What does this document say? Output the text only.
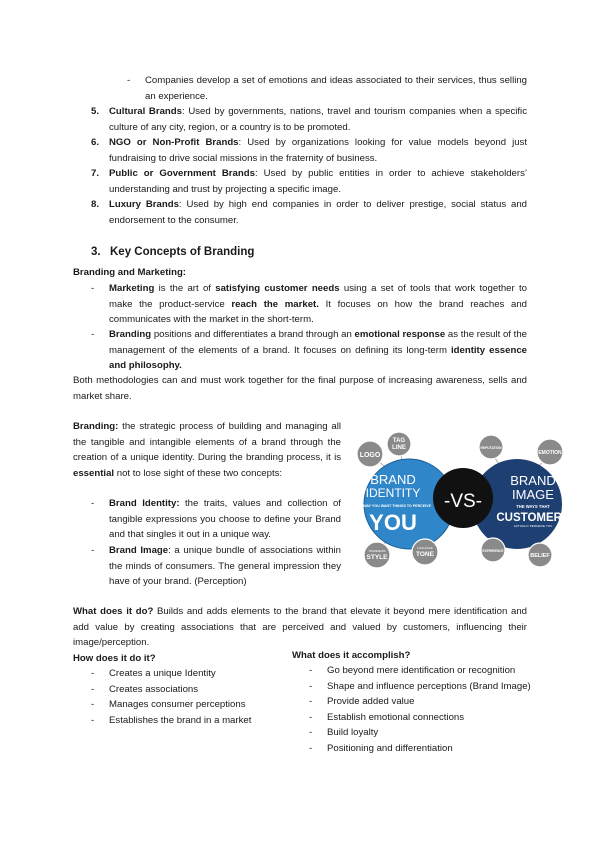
- Companies develop a set of emotions and ideas associated to their services, thus selling an experience.

5. Cultural Brands: Used by governments, nations, travel and tourism companies when a specific culture of any city, region, or a country is to be promoted.
6. NGO or Non-Profit Brands: Used by organizations looking for value models beyond just fundraising to drive social missions in the fraternity of business.
7. Public or Government Brands: Used by public entities in order to achieve stakeholders’ understanding and trust by projecting a specific image.
8. Luxury Brands: Used by high end companies in order to deliver prestige, social status and endorsement to the consumer.
3. Key Concepts of Branding

Branding and Marketing:

- Marketing is the art of satisfying customer needs using a set of tools that work together to make the product-service reach the market. It focuses on how the brand reaches and communicates with the market in the short-term.

- Branding positions and differentiates a brand through an emotional response as the result of the management of the elements of a brand. It focuses on defining its long-term identity essence and philosophy.

Both methodologies can and must work together for the final purpose of increasing awareness, sells and market share.

Branding: the strategic process of building and managing all the tangible and intangible elements of a brand through the creation of a unique identity. During the branding process, it is essential not to lose sight of these two concepts:

- Brand Identity: the traits, values and collection of tangible expressions you choose to define your Brand and that singles it out in a unique way.

- Brand Image: a unique bundle of associations within the minds of consumers. The general impression they have of your brand. (Perception)

-VS-
BRAND
IDENTITY
THE WAY YOU WANT THINGS TO PERCEIVE
YOU
BRAND
IMAGE
THE WAYS THAT
CUSTOMERS
ACTUALLY PERCEIVE YOU
LOGO
TAG
LINE
TRADEMARK
STYLE
LANGUAGE
TONE
REPUTATION
EMOTION
EXPERIENCE
BELIEF

What does it do? Builds and adds elements to the brand that elevate it beyond mere identification and add value by creating associations that are perceived and valued by customers, influencing their image/perception.

How does it do it?

- Creates a unique Identity
- Creates associations
- Manages consumer perceptions
- Establishes the brand in a market

What does it accomplish?

- Go beyond mere identification or recognition
- Shape and influence perceptions (Brand Image)
- Provide added value
- Establish emotional connections
- Build loyalty
- Positioning and differentiation
